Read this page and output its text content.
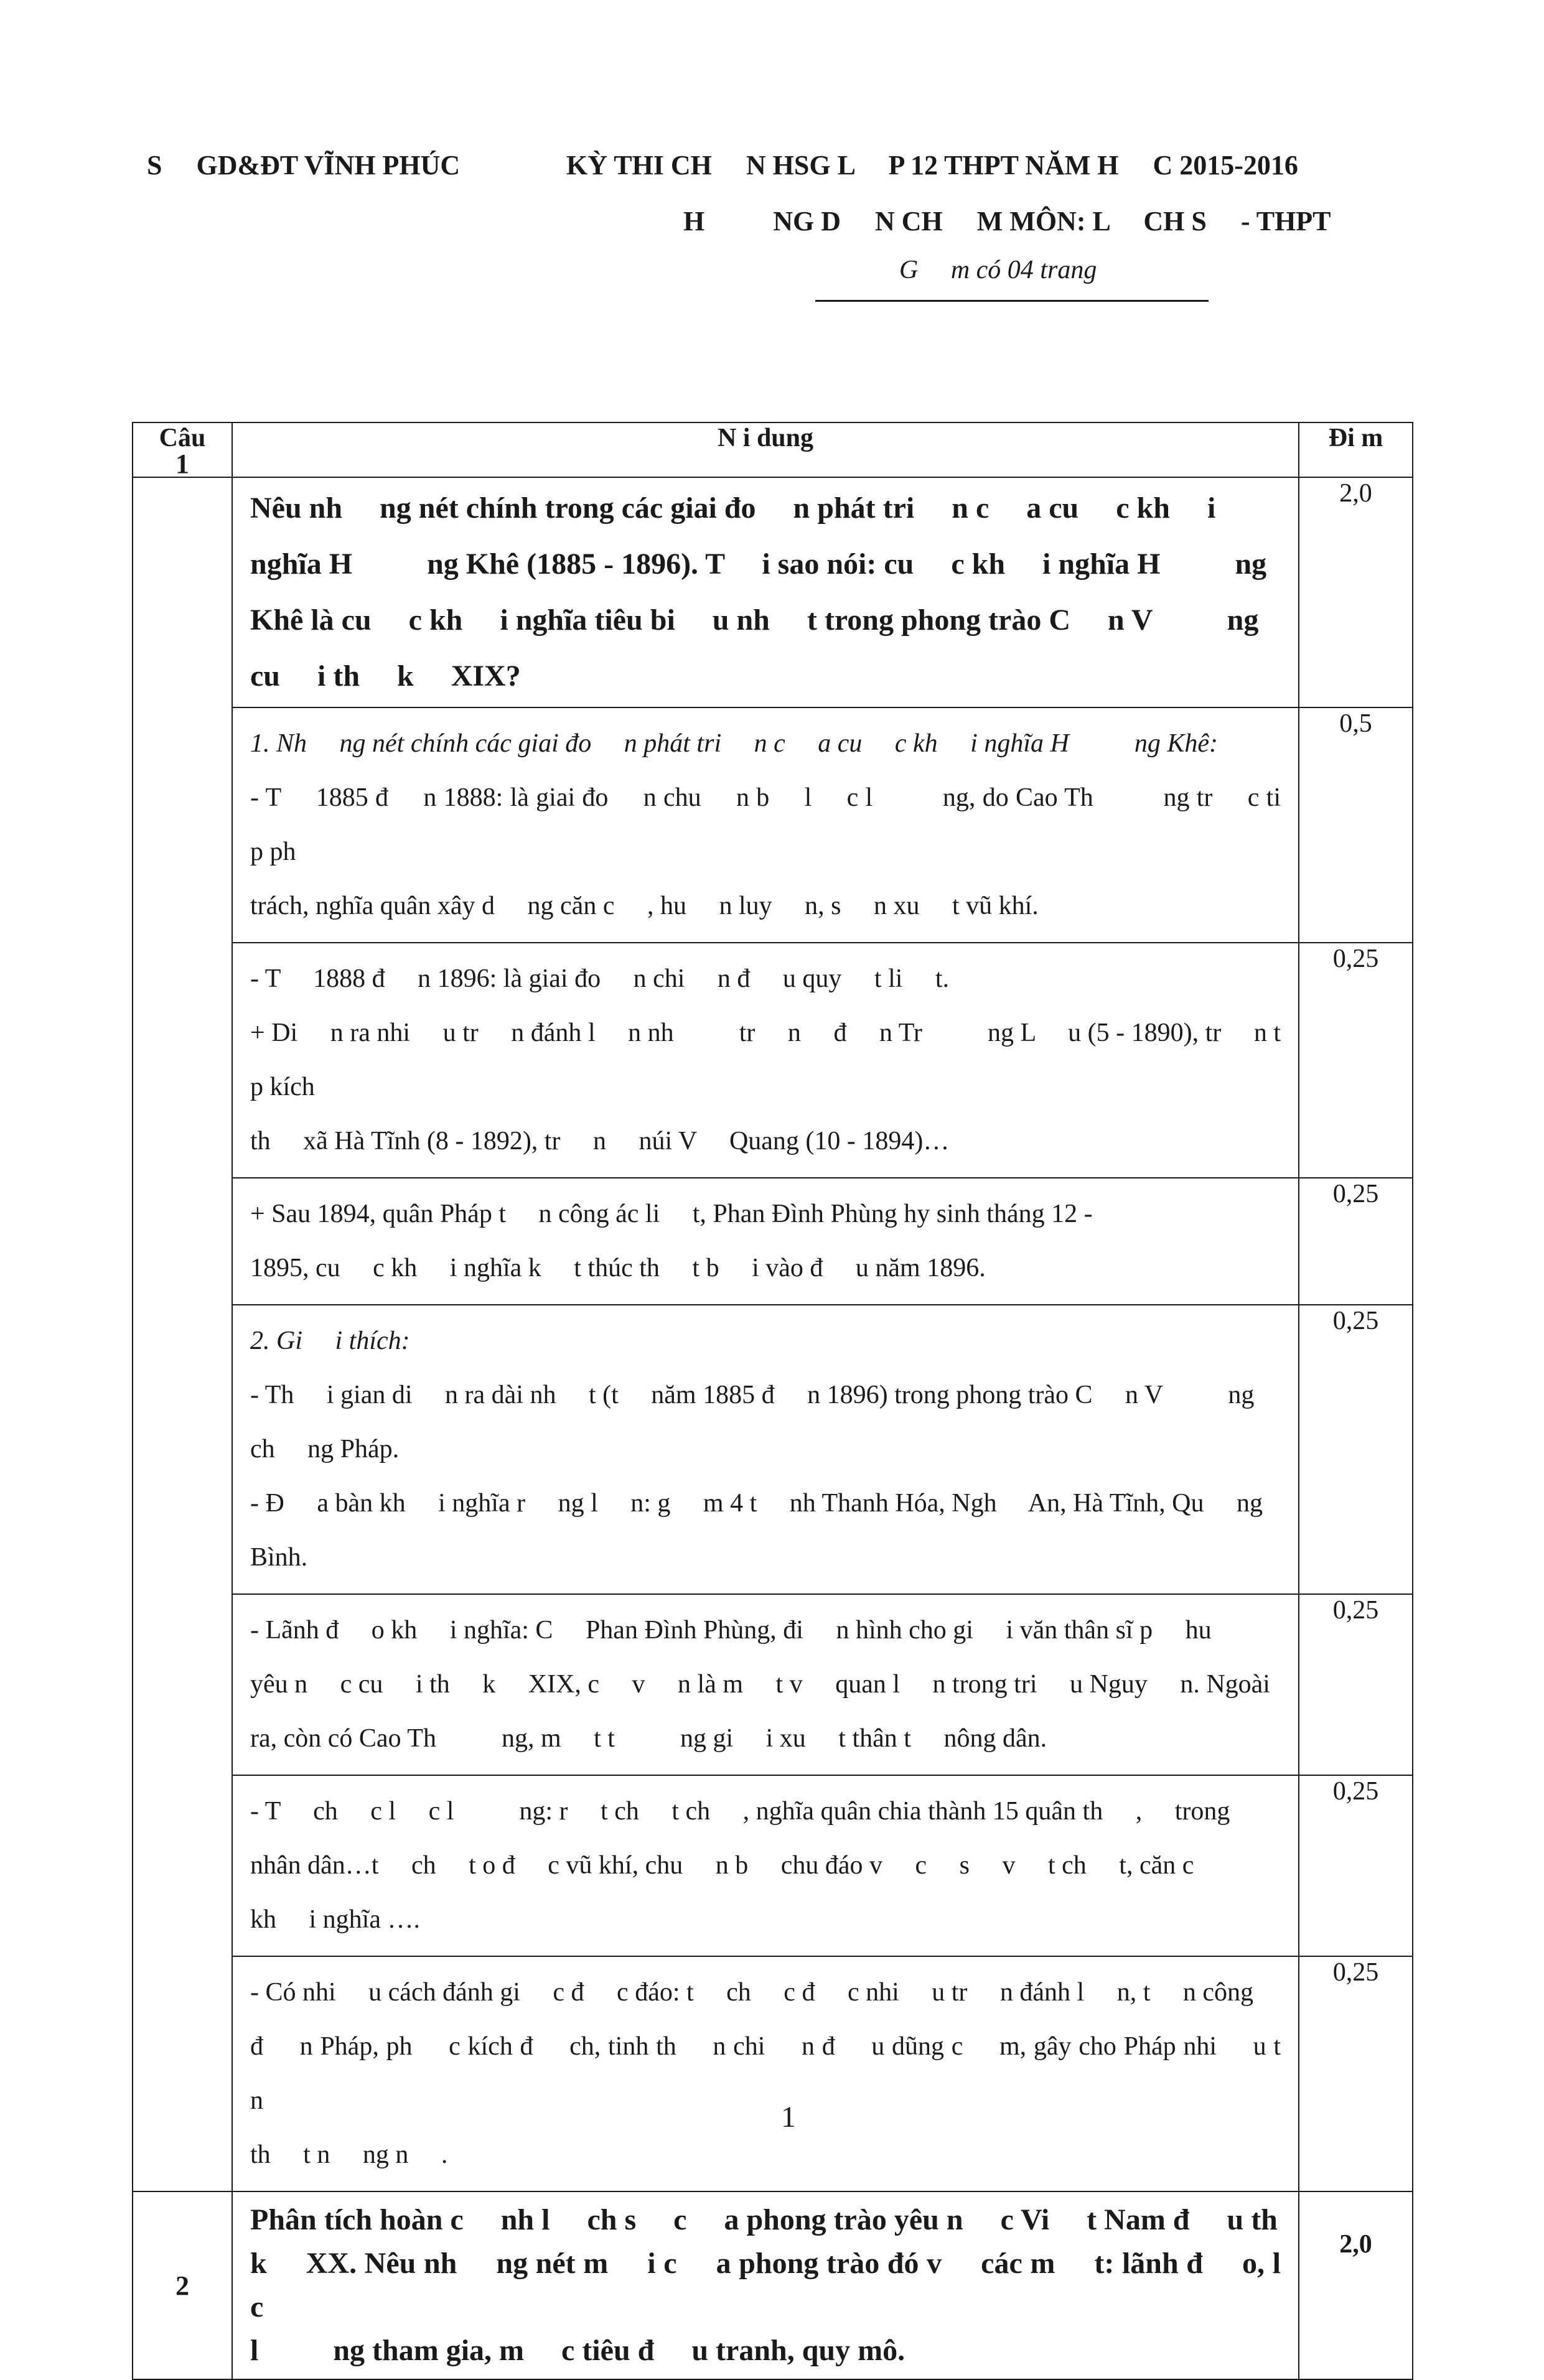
S     GD&ĐT VĨNH PHÚC	KỲ THI CH     N HSG L     P 12 THPT NĂM H     C 2015-2016
H          NG D     N CH     M MÔN: L     CH S     - THPT
G     m có 04 trang
Câu	N i dung	Đi m

1	Nêu nh     ng nét chính trong các giai đo     n phát tri     n c     a cu     c kh     i
nghĩa H          ng Khê (1885 - 1896). T     i sao nói: cu     c kh     i nghĩa H          ng
Khê là cu     c kh     i nghĩa tiêu bi     u nh     t trong phong trào C     n V          ng
cu     i th     k     XIX?	2,0

	1. Nh     ng nét chính các giai đo     n phát tri     n c     a cu     c kh     i nghĩa H          ng Khê:
- T     1885 đ     n 1888: là giai đo     n chu     n b     l     c l          ng, do Cao Th          ng tr     c ti     p ph
trách, nghĩa quân xây d     ng căn c     , hu     n luy     n, s     n xu     t vũ khí.	0,5

	- T     1888 đ     n 1896: là giai đo     n chi     n đ     u quy     t li     t.
+ Di     n ra nhi     u tr     n đánh l     n nh          tr     n     đ     n Tr          ng L     u (5 - 1890), tr     n t     p kích
th     xã Hà Tĩnh (8 - 1892), tr     n     núi V     Quang (10 - 1894)…	0,25

	+ Sau 1894, quân Pháp t     n công ác li     t, Phan Đình Phùng hy sinh tháng 12 -
1895, cu     c kh     i nghĩa k     t thúc th     t b     i vào đ     u năm 1896.	0,25

	2. Gi     i thích:
- Th     i gian di     n ra dài nh     t (t     năm 1885 đ     n 1896) trong phong trào C     n V          ng
ch     ng Pháp.
- Đ     a bàn kh     i nghĩa r     ng l     n: g     m 4 t     nh Thanh Hóa, Ngh     An, Hà Tĩnh, Qu     ng
Bình.	0,25

	- Lãnh đ     o kh     i nghĩa: C     Phan Đình Phùng, đi     n hình cho gi     i văn thân sĩ p     hu
yêu n     c cu     i th     k     XIX, c     v     n là m     t v     quan l     n trong tri     u Nguy     n. Ngoài
ra, còn có Cao Th          ng, m     t t          ng gi     i xu     t thân t     nông dân.	0,25

	- T     ch     c l     c l          ng: r     t ch     t ch     , nghĩa quân chia thành 15 quân th     ,     trong
nhân dân…t     ch     t o đ     c vũ khí, chu     n b     chu đáo v     c     s     v     t ch     t, căn c
kh     i nghĩa ….	0,25

	- Có nhi     u cách đánh gi     c đ     c đáo: t     ch     c đ     c nhi     u tr     n đánh l     n, t     n công
đ     n Pháp, ph     c kích đ     ch, tinh th     n chi     n đ     u dũng c     m, gây cho Pháp nhi     u t     n
th     t n     ng n     .	0,25
2	Phân tích hoàn c     nh l     ch s     c     a phong trào yêu n     c Vi     t Nam đ     u th
k     XX. Nêu nh     ng nét m     i c     a phong trào đó v     các m     t: lãnh đ     o, l     c
l          ng tham gia, m     c tiêu đ     u tranh, quy mô.	2,0
1
